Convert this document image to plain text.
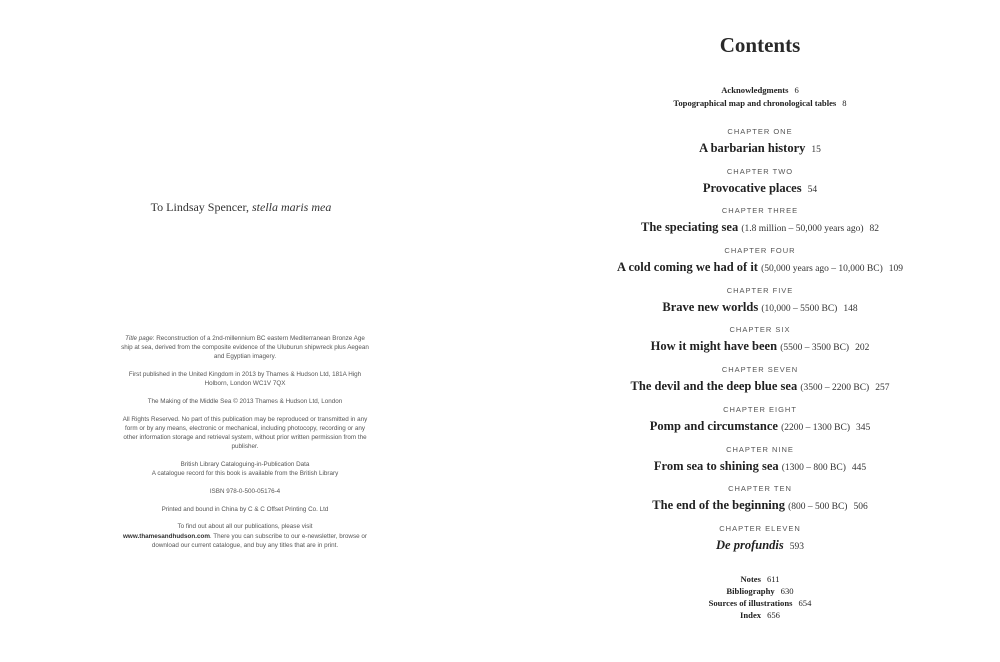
To Lindsay Spencer, stella maris mea

Title page: Reconstruction of a 2nd-millennium BC eastern Mediterranean Bronze Age ship at sea, derived from the composite evidence of the Uluburun shipwreck plus Aegean and Egyptian imagery.

First published in the United Kingdom in 2013 by Thames & Hudson Ltd, 181A High Holborn, London WC1V 7QX

The Making of the Middle Sea © 2013 Thames & Hudson Ltd, London

All Rights Reserved. No part of this publication may be reproduced or transmitted in any form or by any means, electronic or mechanical, including photocopy, recording or any other information storage and retrieval system, without prior written permission from the publisher.

British Library Cataloguing-in-Publication Data
A catalogue record for this book is available from the British Library

ISBN 978-0-500-05176-4

Printed and bound in China by C & C Offset Printing Co. Ltd

To find out about all our publications, please visit
www.thamesandhudson.com. There you can subscribe to our e-newsletter, browse or download our current catalogue, and buy any titles that are in print.

Contents
Acknowledgments 6
Topographical map and chronological tables 8
CHAPTER ONE
A barbarian history 15
CHAPTER TWO
Provocative places 54
CHAPTER THREE
The speciating sea (1.8 million – 50,000 years ago) 82
CHAPTER FOUR
A cold coming we had of it (50,000 years ago – 10,000 BC) 109
CHAPTER FIVE
Brave new worlds (10,000 – 5500 BC) 148
CHAPTER SIX
How it might have been (5500 – 3500 BC) 202
CHAPTER SEVEN
The devil and the deep blue sea (3500 – 2200 BC) 257
CHAPTER EIGHT
Pomp and circumstance (2200 – 1300 BC) 345
CHAPTER NINE
From sea to shining sea (1300 – 800 BC) 445
CHAPTER TEN
The end of the beginning (800 – 500 BC) 506
CHAPTER ELEVEN
De profundis 593
Notes 611
Bibliography 630
Sources of illustrations 654
Index 656
